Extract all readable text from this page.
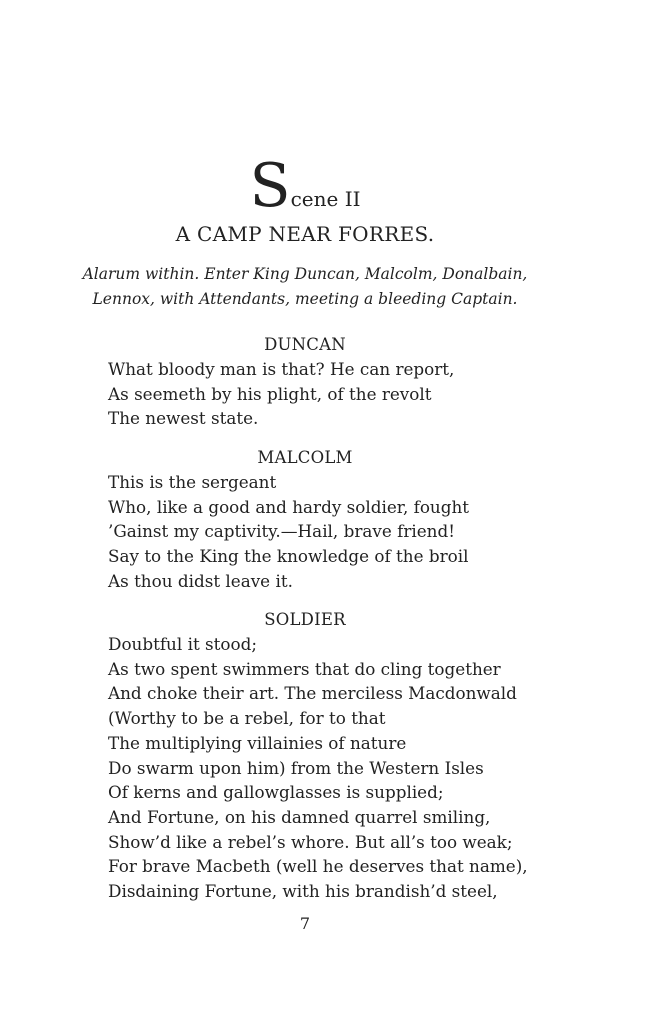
Scene II
A CAMP NEAR FORRES.
Alarum within. Enter King Duncan, Malcolm, Donalbain,
Lennox, with Attendants, meeting a bleeding Captain.
DUNCAN
What bloody man is that? He can report,
As seemeth by his plight, of the revolt
The newest state.
MALCOLM
This is the sergeant
Who, like a good and hardy soldier, fought
’Gainst my captivity.—Hail, brave friend!
Say to the King the knowledge of the broil
As thou didst leave it.
SOLDIER
Doubtful it stood;
As two spent swimmers that do cling together
And choke their art. The merciless Macdonwald
(Worthy to be a rebel, for to that
The multiplying villainies of nature
Do swarm upon him) from the Western Isles
Of kerns and gallowglasses is supplied;
And Fortune, on his damned quarrel smiling,
Show’d like a rebel’s whore. But all’s too weak;
For brave Macbeth (well he deserves that name),
Disdaining Fortune, with his brandish’d steel,
7
